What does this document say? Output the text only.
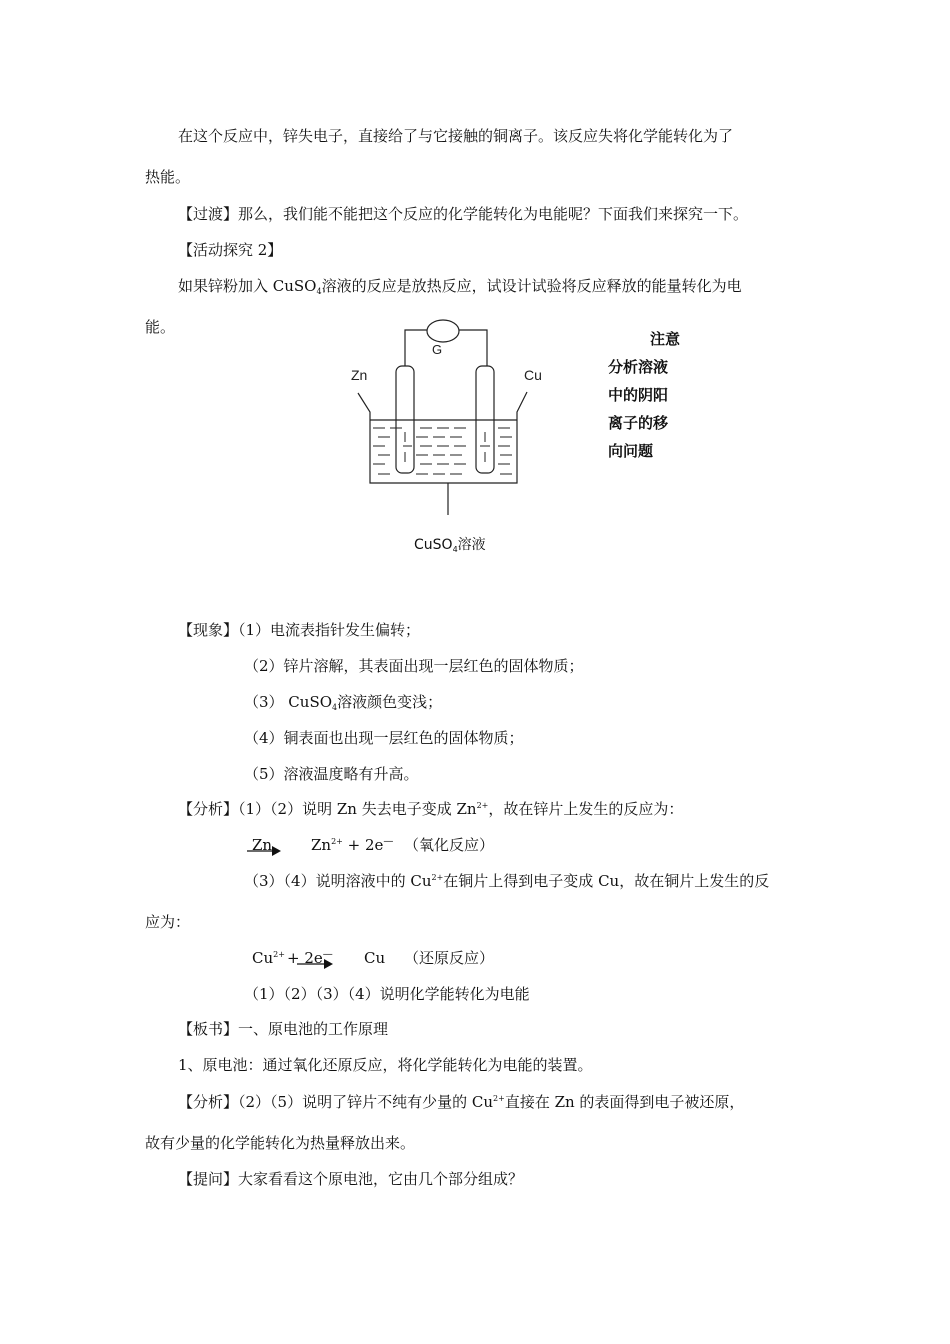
在这个反应中，锌失电子，直接给了与它接触的铜离子。该反应失将化学能转化为了
热能。
【过渡】那么，我们能不能把这个反应的化学能转化为电能呢？下面我们来探究一下。
【活动探究 2】
如果锌粉加入 CuSO$_4$溶液的反应是放热反应，试设计试验将反应释放的能量转化为电
能。
G
Zn	Cu
CuSO$_4$溶液
注意
分析溶液
中的阴阳
离子的移
向问题
【现象】（1）电流表指针发生偏转；
（2）锌片溶解，其表面出现一层红色的固体物质；
（3） CuSO$_4$溶液颜色变浅；
（4）铜表面也出现一层红色的固体物质；
（5）溶液温度略有升高。
【分析】（1）（2）说明 Zn 失去电子变成 $Zn^{2+}$，故在锌片上发生的反应为：
Zn	$Zn^{2+} + 2e^—$ （氧化反应）
（3）（4）说明溶液中的 $Cu^{2+}$在铜片上得到电子变成 Cu，故在铜片上发生的反
应为：
$Cu^{2+} + 2e^—$ Cu （还原反应）
（1）（2）（3）（4）说明化学能转化为电能
【板书】一、原电池的工作原理
1、原电池：通过氧化还原反应，将化学能转化为电能的装置。
【分析】（2）（5）说明了锌片不纯有少量的 $Cu^{2+}$直接在 Zn 的表面得到电子被还原，
故有少量的化学能转化为热量释放出来。
【提问】大家看看这个原电池，它由几个部分组成？
